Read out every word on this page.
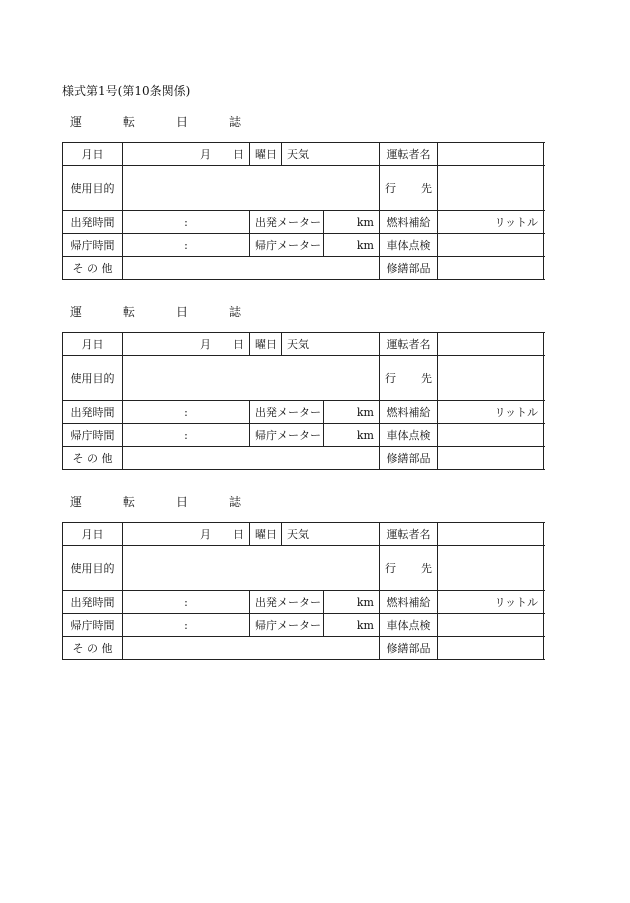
様式第1号(第10条関係)
運	転	日	誌
月日	月 日	曜日	天気		運転者名	
使用目的					行 先	

出発時間	:	出発メーター		km	燃料補給	リットル
帰庁時間	:	帰庁メーター		km	車体点検	
そ の 他					修繕部品	
運	転	日	誌
月日	月 日	曜日	天気		運転者名	
使用目的					行 先	

出発時間	:	出発メーター		km	燃料補給	リットル
帰庁時間	:	帰庁メーター		km	車体点検	
そ の 他					修繕部品	
運	転	日	誌
月日	月 日	曜日	天気		運転者名	
使用目的					行 先	

出発時間	:	出発メーター		km	燃料補給	リットル
帰庁時間	:	帰庁メーター		km	車体点検	
そ の 他					修繕部品	
